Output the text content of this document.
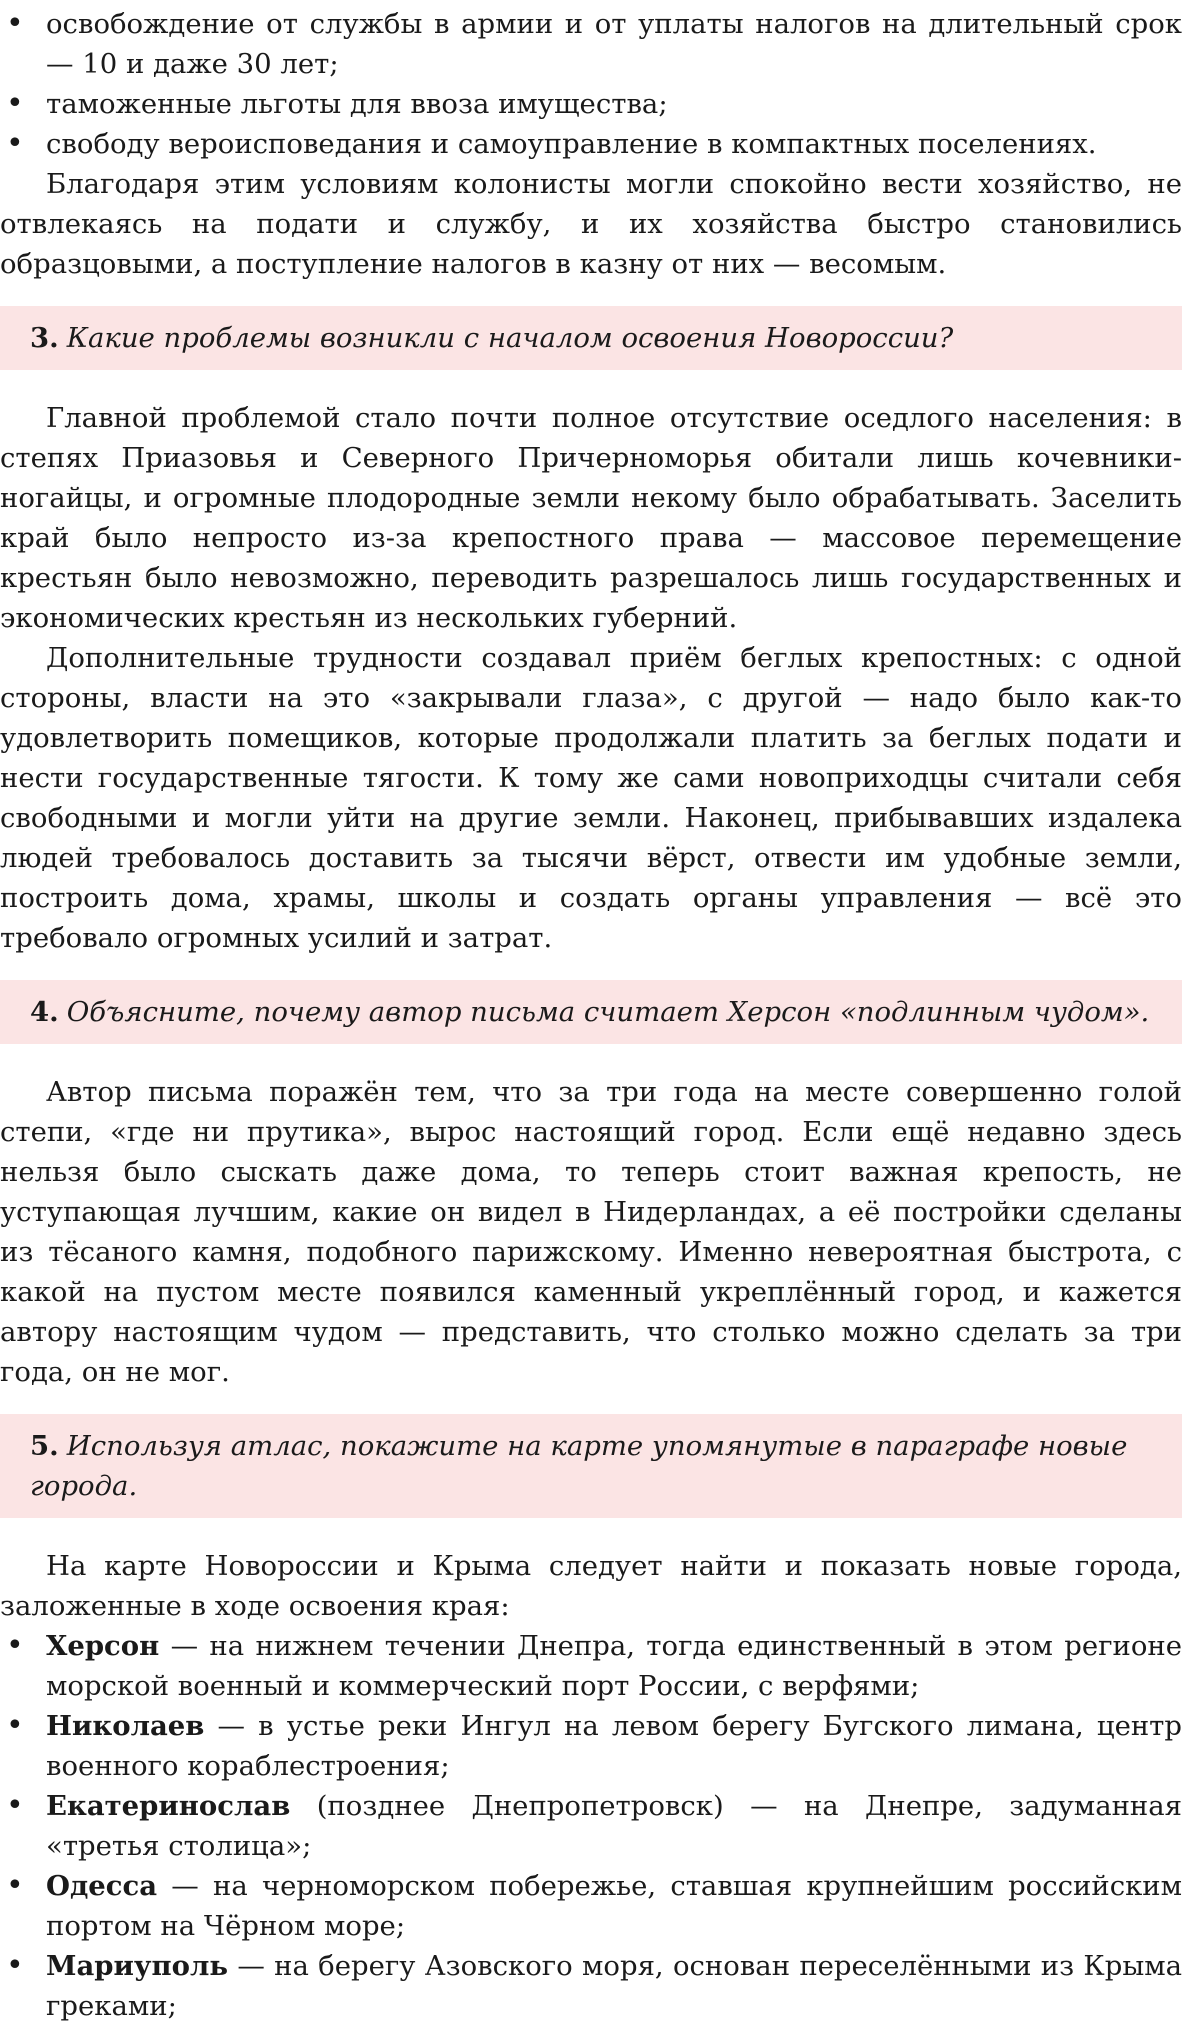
• освобождение от службы в армии и от уплаты налогов на длительный срок — 10 и даже 30 лет;
• таможенные льготы для ввоза имущества;
• свободу вероисповедания и самоуправление в компактных поселениях.

Благодаря этим условиям колонисты могли спокойно вести хозяйство, не отвлекаясь на подати и службу, и их хозяйства быстро становились образцовыми, а поступление налогов в казну от них — весомым.

3. Какие проблемы возникли с началом освоения Новороссии?

Главной проблемой стало почти полное отсутствие оседлого населения: в степях Приазовья и Северного Причерноморья обитали лишь кочевники-ногайцы, и огромные плодородные земли некому было обрабатывать. Заселить край было непросто из-за крепостного права — массовое перемещение крестьян было невозможно, переводить разрешалось лишь государственных и экономических крестьян из нескольких губерний.

Дополнительные трудности создавал приём беглых крепостных: с одной стороны, власти на это «закрывали глаза», с другой — надо было как-то удовлетворить помещиков, которые продолжали платить за беглых подати и нести государственные тягости. К тому же сами новоприходцы считали себя свободными и могли уйти на другие земли. Наконец, прибывавших издалека людей требовалось доставить за тысячи вёрст, отвести им удобные земли, построить дома, храмы, школы и создать органы управления — всё это требовало огромных усилий и затрат.

4. Объясните, почему автор письма считает Херсон «подлинным чудом».

Автор письма поражён тем, что за три года на месте совершенно голой степи, «где ни прутика», вырос настоящий город. Если ещё недавно здесь нельзя было сыскать даже дома, то теперь стоит важная крепость, не уступающая лучшим, какие он видел в Нидерландах, а её постройки сделаны из тёсаного камня, подобного парижскому. Именно невероятная быстрота, с какой на пустом месте появился каменный укреплённый город, и кажется автору настоящим чудом — представить, что столько можно сделать за три года, он не мог.

5. Используя атлас, покажите на карте упомянутые в параграфе новые города.

На карте Новороссии и Крыма следует найти и показать новые города, заложенные в ходе освоения края:

• Херсон — на нижнем течении Днепра, тогда единственный в этом регионе морской военный и коммерческий порт России, с верфями;
• Николаев — в устье реки Ингул на левом берегу Бугского лимана, центр военного кораблестроения;
• Екатеринослав (позднее Днепропетровск) — на Днепре, задуманная «третья столица»;
• Одесса — на черноморском побережье, ставшая крупнейшим российским портом на Чёрном море;
• Мариуполь — на берегу Азовского моря, основан переселёнными из Крыма греками;
